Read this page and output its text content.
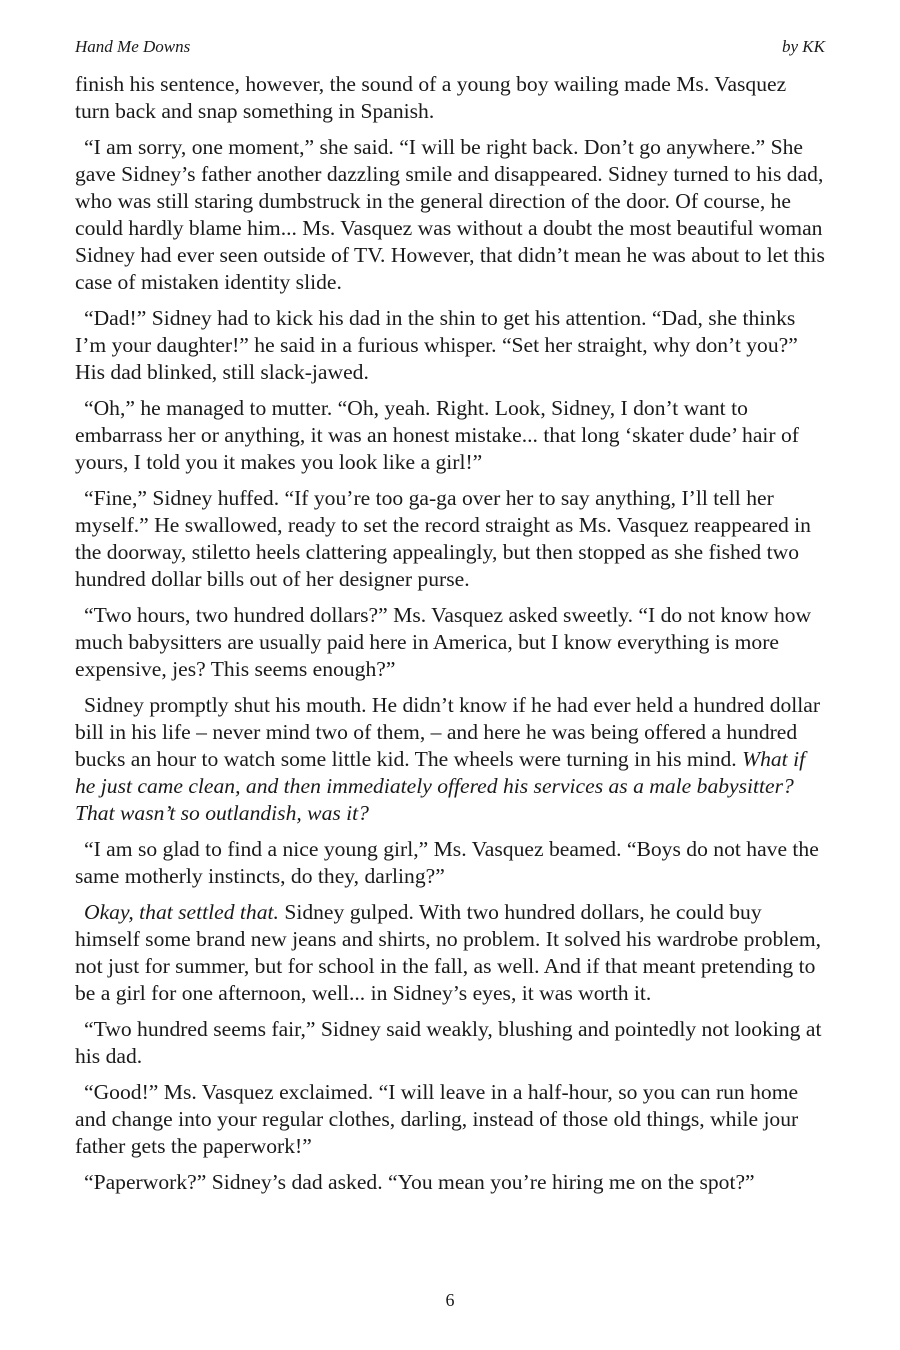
Hand Me Downs	by KK

finish his sentence, however, the sound of a young boy wailing made Ms. Vasquez turn back and snap something in Spanish.

“I am sorry, one moment,” she said. “I will be right back. Don’t go anywhere.” She gave Sidney’s father another dazzling smile and disappeared. Sidney turned to his dad, who was still staring dumbstruck in the general direction of the door. Of course, he could hardly blame him... Ms. Vasquez was without a doubt the most beautiful woman Sidney had ever seen outside of TV. However, that didn’t mean he was about to let this case of mistaken identity slide.

“Dad!” Sidney had to kick his dad in the shin to get his attention. “Dad, she thinks I’m your daughter!” he said in a furious whisper. “Set her straight, why don’t you?” His dad blinked, still slack-jawed.

“Oh,” he managed to mutter. “Oh, yeah. Right. Look, Sidney, I don’t want to embarrass her or anything, it was an honest mistake... that long ‘skater dude’ hair of yours, I told you it makes you look like a girl!”

“Fine,” Sidney huffed. “If you’re too ga-ga over her to say anything, I’ll tell her myself.” He swallowed, ready to set the record straight as Ms. Vasquez reappeared in the doorway, stiletto heels clattering appealingly, but then stopped as she fished two hundred dollar bills out of her designer purse.

“Two hours, two hundred dollars?” Ms. Vasquez asked sweetly. “I do not know how much babysitters are usually paid here in America, but I know everything is more expensive, jes? This seems enough?”

Sidney promptly shut his mouth. He didn’t know if he had ever held a hundred dollar bill in his life – never mind two of them, – and here he was being offered a hundred bucks an hour to watch some little kid. The wheels were turning in his mind. What if he just came clean, and then immediately offered his services as a male babysitter? That wasn’t so outlandish, was it?

“I am so glad to find a nice young girl,” Ms. Vasquez beamed. “Boys do not have the same motherly instincts, do they, darling?”

Okay, that settled that. Sidney gulped. With two hundred dollars, he could buy himself some brand new jeans and shirts, no problem. It solved his wardrobe problem, not just for summer, but for school in the fall, as well. And if that meant pretending to be a girl for one afternoon, well... in Sidney’s eyes, it was worth it.

“Two hundred seems fair,” Sidney said weakly, blushing and pointedly not looking at his dad.

“Good!” Ms. Vasquez exclaimed. “I will leave in a half-hour, so you can run home and change into your regular clothes, darling, instead of those old things, while jour father gets the paperwork!”

“Paperwork?” Sidney’s dad asked. “You mean you’re hiring me on the spot?”

6
